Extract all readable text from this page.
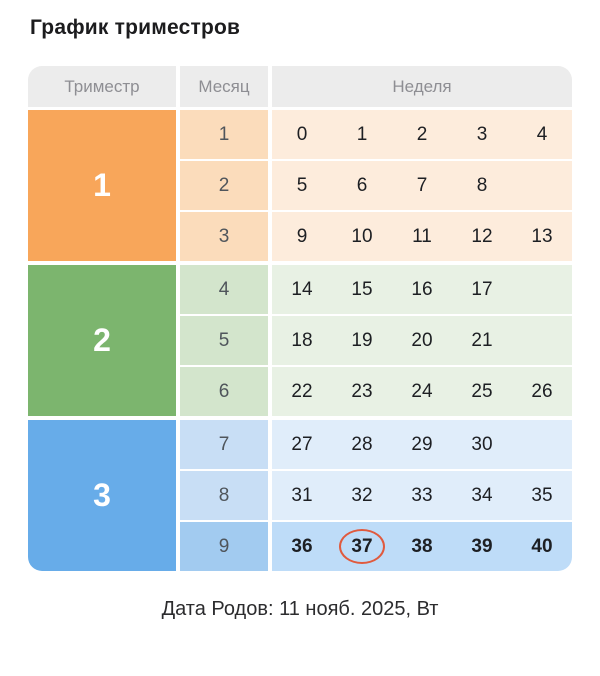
График триместров
Триместр	Месяц	Неделя
1
1	0	1	2	3	4
2	5	6	7	8
3	9	10	11	12	13
2
4	14	15	16	17
5	18	19	20	21
6	22	23	24	25	26
3
7	27	28	29	30
8	31	32	33	34	35
9	36	37	38	39	40
Дата Родов: 11 нояб. 2025, Вт
